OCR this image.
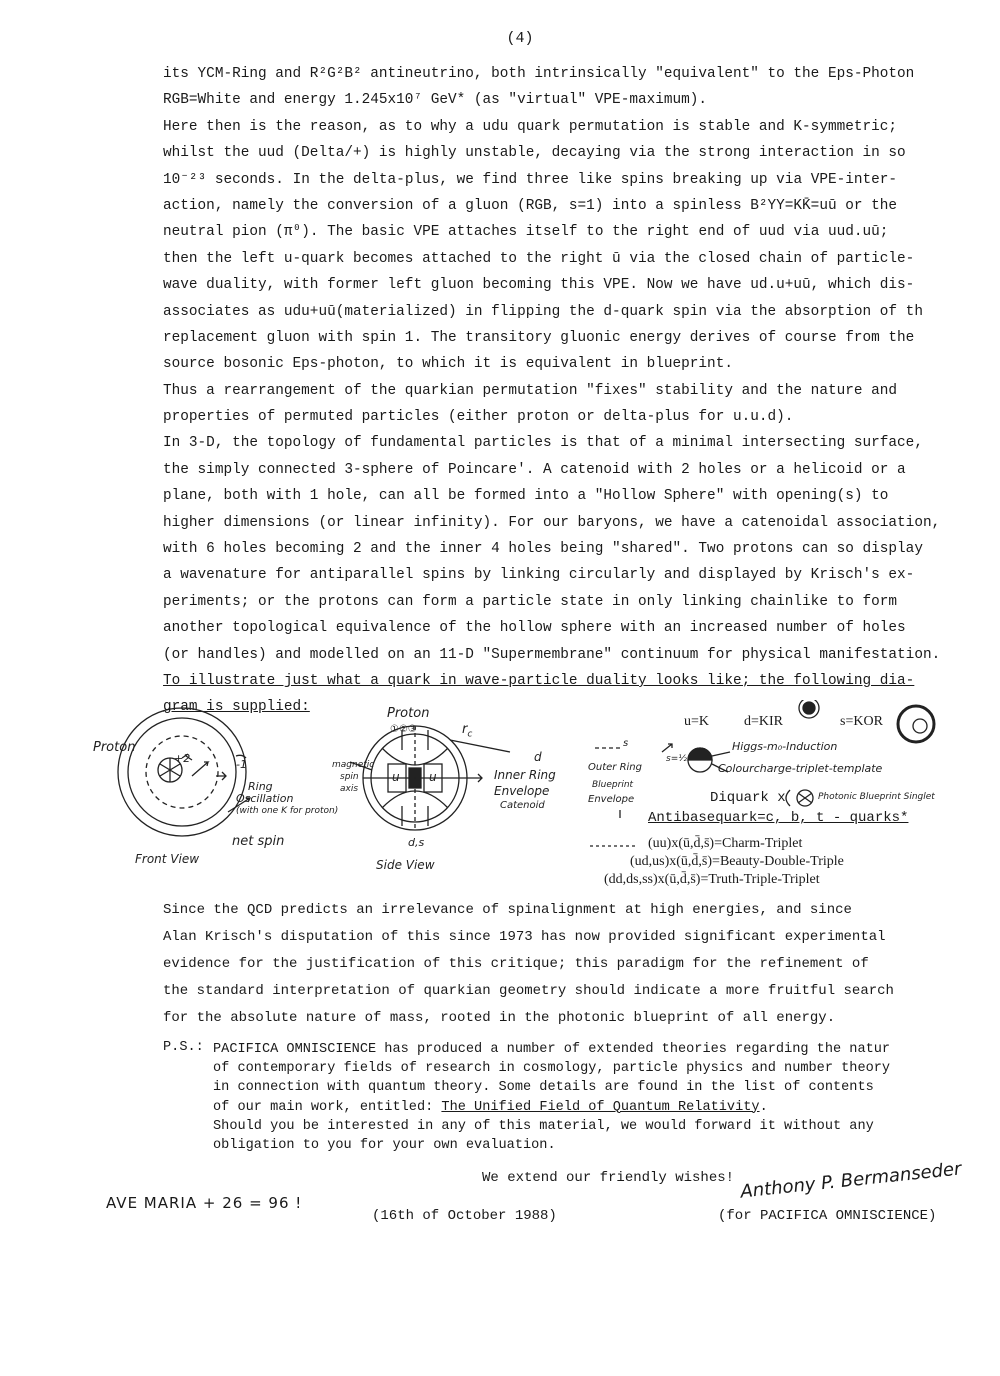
(4)
its YCM-Ring and R²G²B² antineutrino, both intrinsically "equivalent" to the Eps-Photon
RGB=White and energy 1.245x10⁷ GeV* (as "virtual" VPE-maximum).
Here then is the reason, as to why a udu quark permutation is stable and K-symmetric;
whilst the uud (Delta/+) is highly unstable, decaying via the strong interaction in so
10⁻²³ seconds. In the delta-plus, we find three like spins breaking up via VPE-inter-
action, namely the conversion of a gluon (RGB, s=1) into a spinless B²YY=KK̄=uū or the
neutral pion (π⁰). The basic VPE attaches itself to the right end of uud via uud.uū;
then the left u-quark becomes attached to the right ū via the closed chain of particle-
wave duality, with former left gluon becoming this VPE. Now we have ud.u+uū, which dis-
associates as udu+uū(materialized) in flipping the d-quark spin via the absorption of th
replacement gluon with spin 1. The transitory gluonic energy derives of course from the
source bosonic Eps-photon, to which it is equivalent in blueprint.
Thus a rearrangement of the quarkian permutation "fixes" stability and the nature and
properties of permuted particles (either proton or delta-plus for u.u.d).
In 3-D, the topology of fundamental particles is that of a minimal intersecting surface,
the simply connected 3-sphere of Poincare'. A catenoid with 2 holes or a helicoid or a
plane, both with 1 hole, can all be formed into a "Hollow Sphere" with opening(s) to
higher dimensions (or linear infinity). For our baryons, we have a catenoidal association,
with 6 holes becoming 2 and the inner 4 holes being "shared". Two protons can so display
a wavenature for antiparallel spins by linking circularly and displayed by Krisch's ex-
periments; or the protons can form a particle state in only linking chainlike to form
another topological equivalence of the hollow sphere with an increased number of holes
(or handles) and modelled on an 11-D "Supermembrane" continuum for physical manifestation.
To illustrate just what a quark in wave-particle duality looks like; the following dia-
gram is supplied:
Proton
+2	-1
Ring
Oscillation
(with one K for proton)
net spin
Front View
Proton
①②③	$r_c$
magnetic
spin
axis
u u
d
Inner Ring
Envelope
Catenoid
d,s
Side View
u=K d=KIR	s=KOR
s
s=½
Higgs-m₀-Induction
Colourcharge-triplet-template
Outer Ring
Blueprint
Envelope	Diquark x	Photonic Blueprint Singlet
Antibasequark=c, b, t - quarks*
(uu)x(ū,d̄,s̄)=Charm-Triplet
(ud,us)x(ū,d̄,s̄)=Beauty-Double-Triple
(dd,ds,ss)x(ū,d̄,s̄)=Truth-Triple-Triplet
Since the QCD predicts an irrelevance of spinalignment at high energies, and since
Alan Krisch's disputation of this since 1973 has now provided significant experimental
evidence for the justification of this critique; this paradigm for the refinement of
the standard interpretation of quarkian geometry should indicate a more fruitful search
for the absolute nature of mass, rooted in the photonic blueprint of all energy.
P.S.: PACIFICA OMNISCIENCE has produced a number of extended theories regarding the natur
of contemporary fields of research in cosmology, particle physics and number theory
in connection with quantum theory. Some details are found in the list of contents
of our main work, entitled: The Unified Field of Quantum Relativity.
Should you be interested in any of this material, we would forward it without any
obligation to you for your own evaluation.
We extend our friendly wishes! Anthony P. Bermanseder
AVE MARIA + 26 = 96 !
(16th of October 1988)	(for PACIFICA OMNISCIENCE)
